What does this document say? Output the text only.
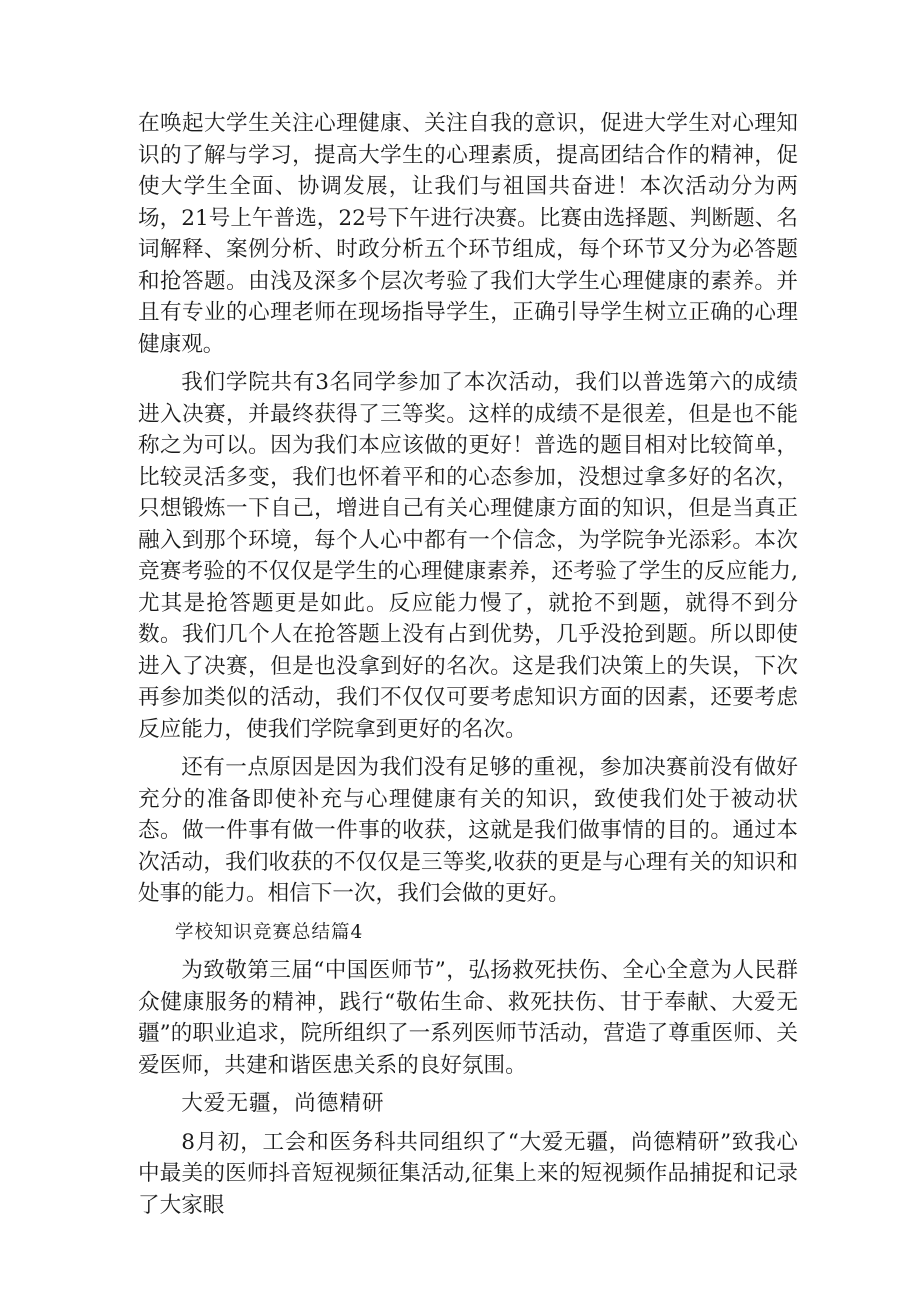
在唤起大学生关注心理健康、关注自我的意识，促进大学生对心理知识的了解与学习，提高大学生的心理素质，提高团结合作的精神，促使大学生全面、协调发展，让我们与祖国共奋进！本次活动分为两场，21号上午普选，22号下午进行决赛。比赛由选择题、判断题、名词解释、案例分析、时政分析五个环节组成，每个环节又分为必答题和抢答题。由浅及深多个层次考验了我们大学生心理健康的素养。并且有专业的心理老师在现场指导学生，正确引导学生树立正确的心理健康观。

我们学院共有3名同学参加了本次活动，我们以普选第六的成绩进入决赛，并最终获得了三等奖。这样的成绩不是很差，但是也不能称之为可以。因为我们本应该做的更好！普选的题目相对比较简单，比较灵活多变，我们也怀着平和的心态参加，没想过拿多好的名次，只想锻炼一下自己，增进自己有关心理健康方面的知识，但是当真正融入到那个环境，每个人心中都有一个信念，为学院争光添彩。本次竞赛考验的不仅仅是学生的心理健康素养，还考验了学生的反应能力,尤其是抢答题更是如此。反应能力慢了，就抢不到题，就得不到分数。我们几个人在抢答题上没有占到优势，几乎没抢到题。所以即使进入了决赛，但是也没拿到好的名次。这是我们决策上的失误，下次再参加类似的活动，我们不仅仅可要考虑知识方面的因素，还要考虑反应能力，使我们学院拿到更好的名次。

还有一点原因是因为我们没有足够的重视，参加决赛前没有做好充分的准备即使补充与心理健康有关的知识，致使我们处于被动状态。做一件事有做一件事的收获，这就是我们做事情的目的。通过本次活动，我们收获的不仅仅是三等奖,收获的更是与心理有关的知识和处事的能力。相信下一次，我们会做的更好。

学校知识竞赛总结篇4

为致敬第三届“中国医师节”，弘扬救死扶伤、全心全意为人民群众健康服务的精神，践行“敬佑生命、救死扶伤、甘于奉献、大爱无疆”的职业追求，院所组织了一系列医师节活动，营造了尊重医师、关爱医师，共建和谐医患关系的良好氛围。

大爱无疆，尚德精研

8月初，工会和医务科共同组织了“大爱无疆，尚德精研”致我心中最美的医师抖音短视频征集活动,征集上来的短视频作品捕捉和记录了大家眼
